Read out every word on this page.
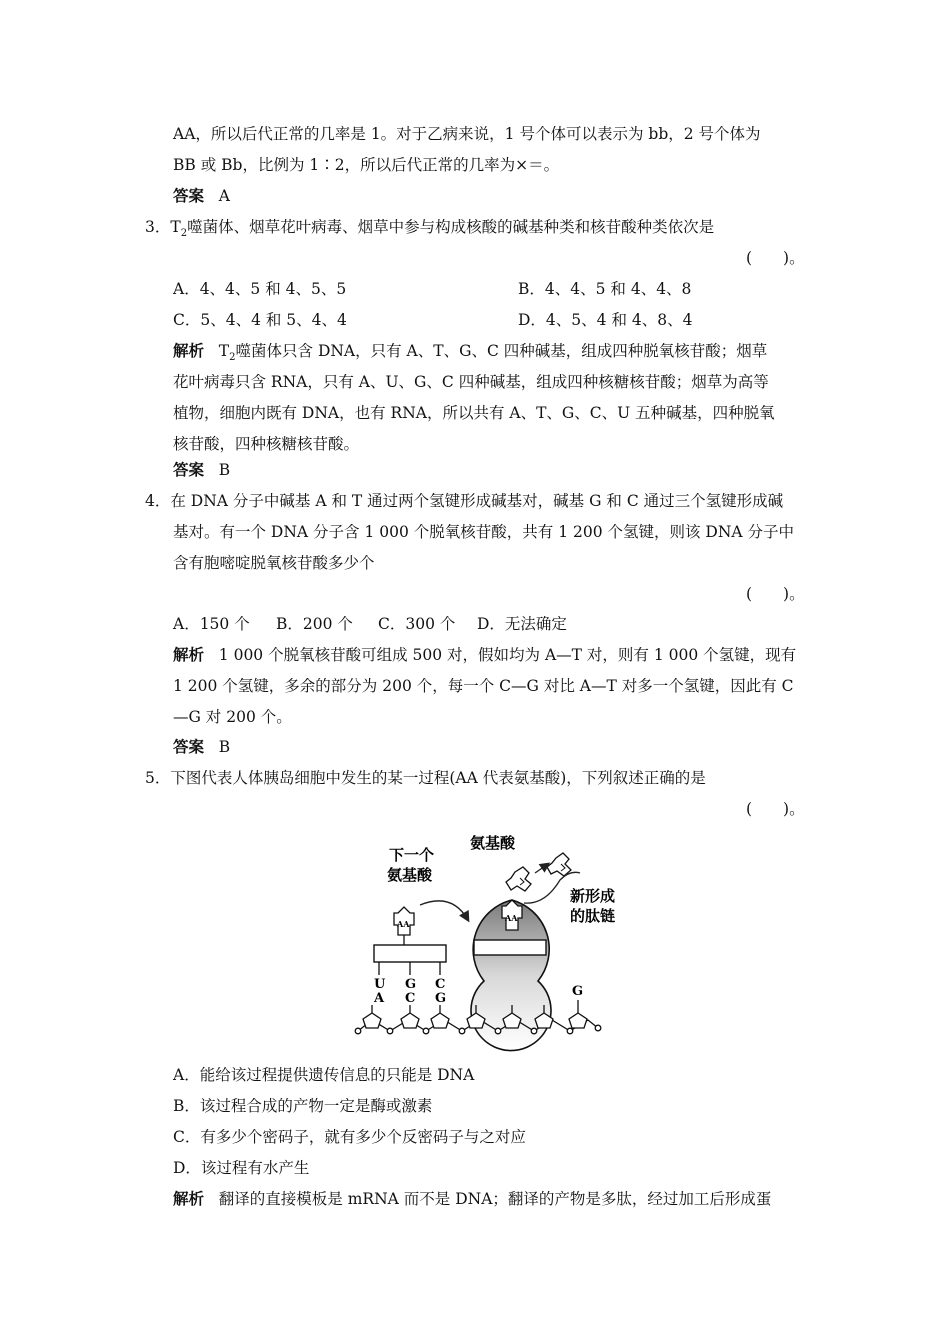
AA，所以后代正常的几率是 1。对于乙病来说，1 号个体可以表示为 bb，2 号个体为
BB 或 Bb，比例为 1∶2，所以后代正常的几率为×＝。
答案 A
3．$T_2$噬菌体、烟草花叶病毒、烟草中参与构成核酸的碱基种类和核苷酸种类依次是
(　　)。
A．4、4、5 和 4、5、5	B．4、4、5 和 4、4、8
C．5、4、4 和 5、4、4	D．4、5、4 和 4、8、4
解析 $T_2$噬菌体只含 DNA，只有 A、T、G、C 四种碱基，组成四种脱氧核苷酸；烟草
花叶病毒只含 RNA，只有 A、U、G、C 四种碱基，组成四种核糖核苷酸；烟草为高等
植物，细胞内既有 DNA，也有 RNA，所以共有 A、T、G、C、U 五种碱基，四种脱氧
核苷酸，四种核糖核苷酸。
答案 B
4．在 DNA 分子中碱基 A 和 T 通过两个氢键形成碱基对，碱基 G 和 C 通过三个氢键形成碱
基对。有一个 DNA 分子含 1 000 个脱氧核苷酸，共有 1 200 个氢键，则该 DNA 分子中
含有胞嘧啶脱氧核苷酸多少个
(　　)。
A．150 个 B．200 个 C．300 个 D．无法确定
解析 1 000 个脱氧核苷酸可组成 500 对，假如均为 A—T 对，则有 1 000 个氢键，现有
1 200 个氢键，多余的部分为 200 个，每一个 C—G 对比 A—T 对多一个氢键，因此有 C
—G 对 200 个。
答案 B
5．下图代表人体胰岛细胞中发生的某一过程(AA 代表氨基酸)，下列叙述正确的是
(　　)。
下一个
氨基酸
氨基酸
新形成
的肽链
AA
AA
U G C
A C G	G
A．能给该过程提供遗传信息的只能是 DNA
B．该过程合成的产物一定是酶或激素
C．有多少个密码子，就有多少个反密码子与之对应
D．该过程有水产生
解析 翻译的直接模板是 mRNA 而不是 DNA；翻译的产物是多肽，经过加工后形成蛋
